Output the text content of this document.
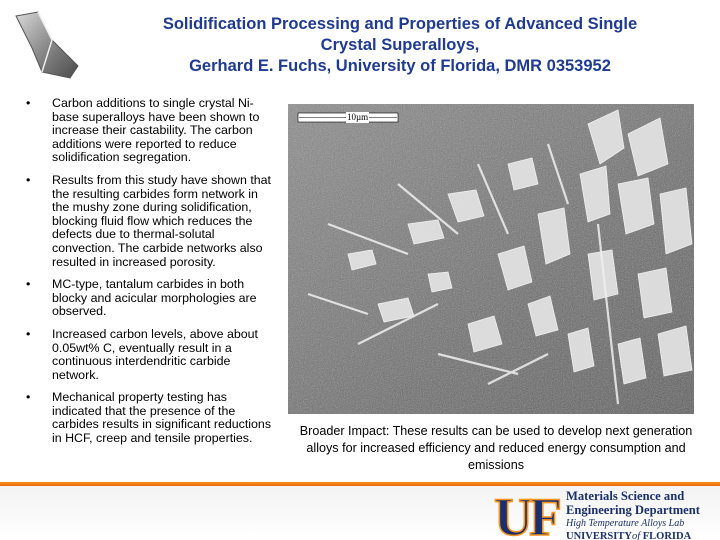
Solidification Processing and Properties of Advanced Single
Crystal Superalloys,
Gerhard E. Fuchs, University of Florida, DMR 0353952
• Carbon additions to single crystal Ni-base superalloys have been shown to increase their castability. The carbon additions were reported to reduce solidification segregation.
• Results from this study have shown that the resulting carbides form network in the mushy zone during solidification, blocking fluid flow which reduces the defects due to thermal-solutal convection. The carbide networks also resulted in increased porosity.
• MC-type, tantalum carbides in both blocky and acicular morphologies are observed.
• Increased carbon levels, above about 0.05wt% C, eventually result in a continuous interdendritic carbide network.
• Mechanical property testing has indicated that the presence of the carbides results in significant reductions in HCF, creep and tensile properties.
10µm
Broader Impact: These results can be used to develop next generation alloys for increased efficiency and reduced energy consumption and emissions
UF Materials Science and
Engineering Department
High Temperature Alloys Lab
UNIVERSITYof FLORIDA
